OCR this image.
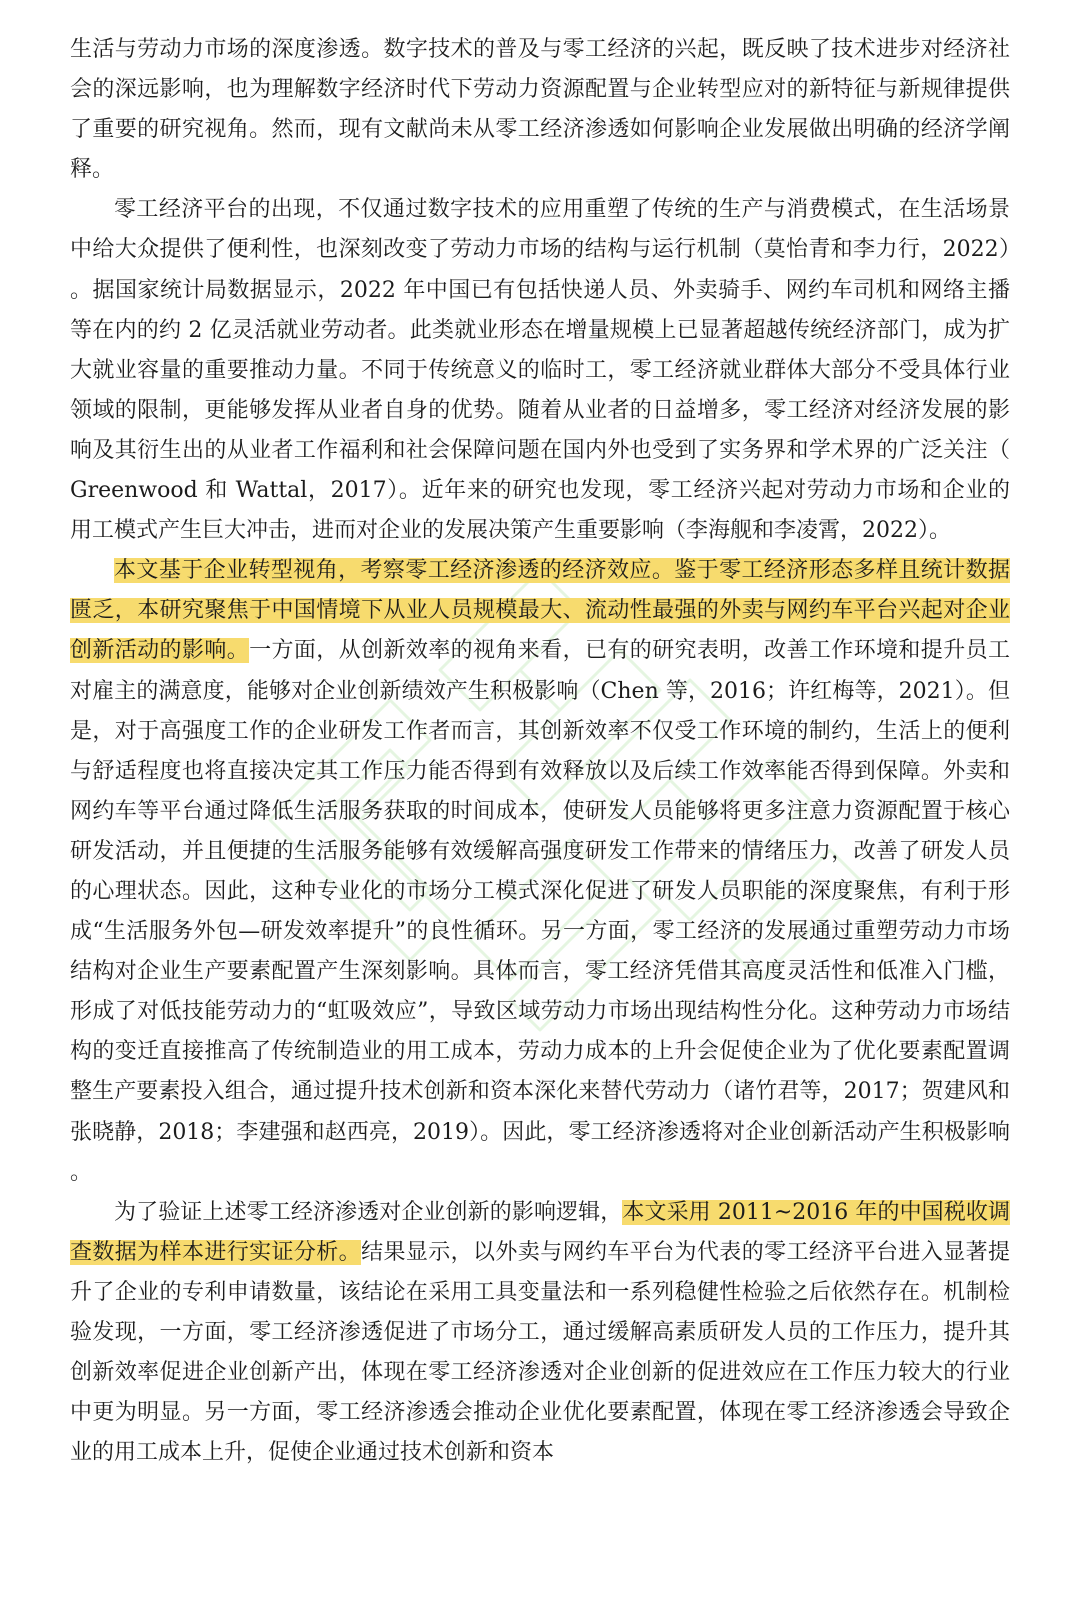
生活与劳动力市场的深度渗透。数字技术的普及与零工经济的兴起，既反映了技术进步对经济社会的深远影响，也为理解数字经济时代下劳动力资源配置与企业转型应对的新特征与新规律提供了重要的研究视角。然而，现有文献尚未从零工经济渗透如何影响企业发展做出明确的经济学阐释。

零工经济平台的出现，不仅通过数字技术的应用重塑了传统的生产与消费模式，在生活场景中给大众提供了便利性，也深刻改变了劳动力市场的结构与运行机制（莫怡青和李力行，2022）。据国家统计局数据显示，2022 年中国已有包括快递人员、外卖骑手、网约车司机和网络主播等在内的约 2 亿灵活就业劳动者。此类就业形态在增量规模上已显著超越传统经济部门，成为扩大就业容量的重要推动力量。不同于传统意义的临时工，零工经济就业群体大部分不受具体行业领域的限制，更能够发挥从业者自身的优势。随着从业者的日益增多，零工经济对经济发展的影响及其衍生出的从业者工作福利和社会保障问题在国内外也受到了实务界和学术界的广泛关注（Greenwood 和 Wattal，2017）。近年来的研究也发现，零工经济兴起对劳动力市场和企业的用工模式产生巨大冲击，进而对企业的发展决策产生重要影响（李海舰和李凌霄，2022）。

本文基于企业转型视角，考察零工经济渗透的经济效应。鉴于零工经济形态多样且统计数据匮乏，本研究聚焦于中国情境下从业人员规模最大、流动性最强的外卖与网约车平台兴起对企业创新活动的影响。一方面，从创新效率的视角来看，已有的研究表明，改善工作环境和提升员工对雇主的满意度，能够对企业创新绩效产生积极影响（Chen 等，2016；许红梅等，2021）。但是，对于高强度工作的企业研发工作者而言，其创新效率不仅受工作环境的制约，生活上的便利与舒适程度也将直接决定其工作压力能否得到有效释放以及后续工作效率能否得到保障。外卖和网约车等平台通过降低生活服务获取的时间成本，使研发人员能够将更多注意力资源配置于核心研发活动，并且便捷的生活服务能够有效缓解高强度研发工作带来的情绪压力，改善了研发人员的心理状态。因此，这种专业化的市场分工模式深化促进了研发人员职能的深度聚焦，有利于形成“生活服务外包—研发效率提升”的良性循环。另一方面，零工经济的发展通过重塑劳动力市场结构对企业生产要素配置产生深刻影响。具体而言，零工经济凭借其高度灵活性和低准入门槛，形成了对低技能劳动力的“虹吸效应”，导致区域劳动力市场出现结构性分化。这种劳动力市场结构的变迁直接推高了传统制造业的用工成本，劳动力成本的上升会促使企业为了优化要素配置调整生产要素投入组合，通过提升技术创新和资本深化来替代劳动力（诸竹君等，2017；贺建风和张晓静，2018；李建强和赵西亮，2019）。因此，零工经济渗透将对企业创新活动产生积极影响。

为了验证上述零工经济渗透对企业创新的影响逻辑，本文采用 2011~2016 年的中国税收调查数据为样本进行实证分析。结果显示，以外卖与网约车平台为代表的零工经济平台进入显著提升了企业的专利申请数量，该结论在采用工具变量法和一系列稳健性检验之后依然存在。机制检验发现，一方面，零工经济渗透促进了市场分工，通过缓解高素质研发人员的工作压力，提升其创新效率促进企业创新产出，体现在零工经济渗透对企业创新的促进效应在工作压力较大的行业中更为明显。另一方面，零工经济渗透会推动企业优化要素配置，体现在零工经济渗透会导致企业的用工成本上升，促使企业通过技术创新和资本
